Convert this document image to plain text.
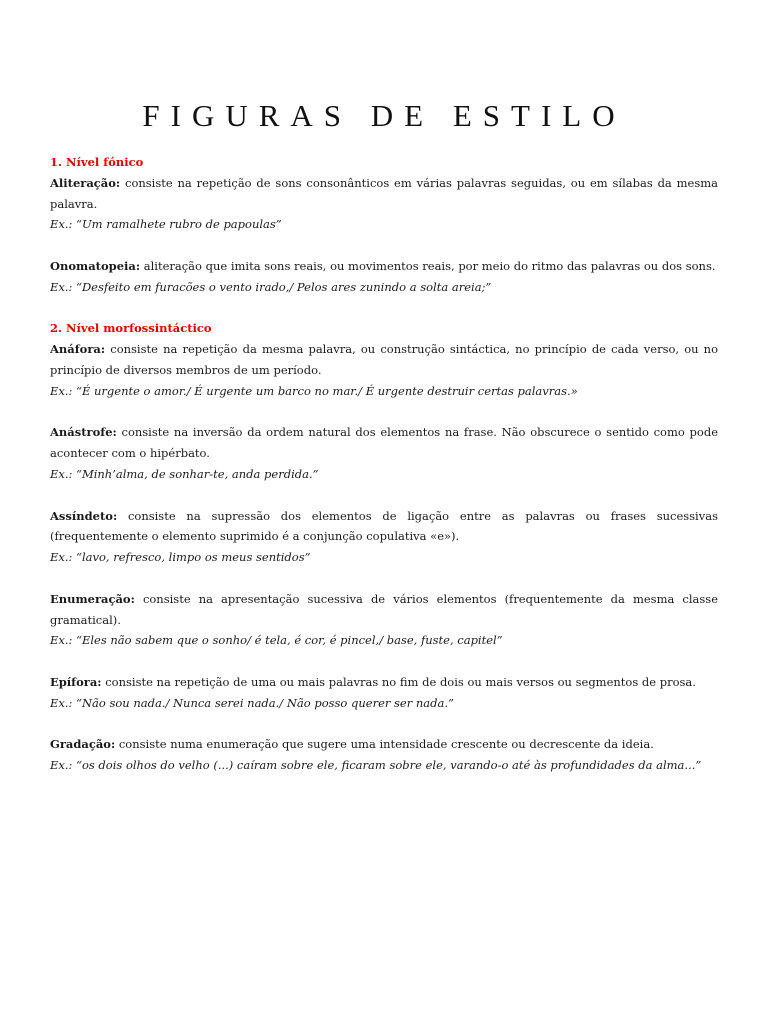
FIGURAS DE ESTILO
1. Nível fónico

Aliteração: consiste na repetição de sons consonânticos em várias palavras seguidas, ou em sílabas da mesma palavra.

Ex.: “Um ramalhete rubro de papoulas”

Onomatopeia: aliteração que imita sons reais, ou movimentos reais, por meio do ritmo das palavras ou dos sons.

Ex.: “Desfeito em furacões o vento irado,/ Pelos ares zunindo a solta areia;”

2. Nível morfossintáctico

Anáfora: consiste na repetição da mesma palavra, ou construção sintáctica, no princípio de cada verso, ou no princípio de diversos membros de um período.

Ex.: “É urgente o amor./ É urgente um barco no mar./ É urgente destruir certas palavras.»

Anástrofe: consiste na inversão da ordem natural dos elementos na frase. Não obscurece o sentido como pode acontecer com o hipérbato.

Ex.: “Minh’alma, de sonhar-te, anda perdida.”

Assíndeto: consiste na supressão dos elementos de ligação entre as palavras ou frases sucessivas (frequentemente o elemento suprimido é a conjunção copulativa «e»).

Ex.: “lavo, refresco, limpo os meus sentidos”

Enumeração: consiste na apresentação sucessiva de vários elementos (frequentemente da mesma classe gramatical).

Ex.: “Eles não sabem que o sonho/ é tela, é cor, é pincel,/ base, fuste, capitel”

Epífora: consiste na repetição de uma ou mais palavras no fim de dois ou mais versos ou segmentos de prosa.

Ex.: “Não sou nada./ Nunca serei nada./ Não posso querer ser nada.”

Gradação: consiste numa enumeração que sugere uma intensidade crescente ou decrescente da ideia.

Ex.: “os dois olhos do velho (...) caíram sobre ele, ficaram sobre ele, varando-o até às profundidades da alma...”
